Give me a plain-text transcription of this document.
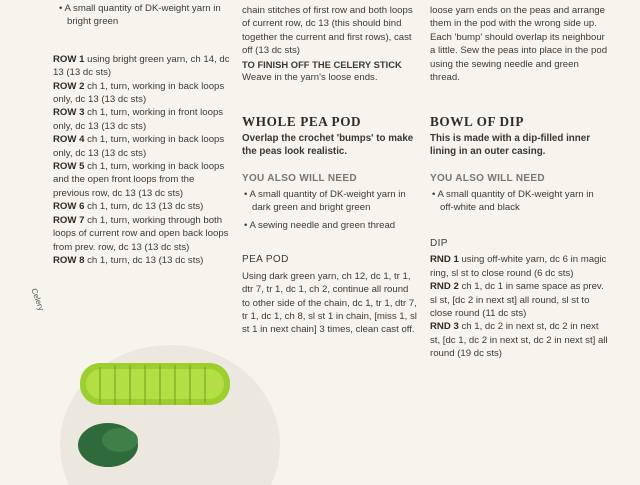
• A small quantity of DK-weight yarn in bright green

ROW 1 using bright green yarn, ch 14, dc 13 (13 dc sts)

ROW 2 ch 1, turn, working in back loops only, dc 13 (13 dc sts)

ROW 3 ch 1, turn, working in front loops only, dc 13 (13 dc sts)

ROW 4 ch 1, turn, working in back loops only, dc 13 (13 dc sts)

ROW 5 ch 1, turn, working in back loops and the open front loops from the previous row, dc 13 (13 dc sts)

ROW 6 ch 1, turn, dc 13 (13 dc sts)

ROW 7 ch 1, turn, working through both loops of current row and open back loops from prev. row, dc 13 (13 dc sts)

ROW 8 ch 1, turn, dc 13 (13 dc sts)

Celery

chain stitches of first row and both loops of current row, dc 13 (this should bind together the current and first rows), cast off (13 dc sts)

TO FINISH OFF THE CELERY STICK

Weave in the yarn's loose ends.

WHOLE PEA POD

Overlap the crochet 'bumps' to make the peas look realistic.

YOU ALSO WILL NEED

• A small quantity of DK-weight yarn in dark green and bright green

• A sewing needle and green thread

PEA POD

Using dark green yarn, ch 12, dc 1, tr 1, dtr 7, tr 1, dc 1, ch 2, continue all round to other side of the chain, dc 1, tr 1, dtr 7, tr 1, dc 1, ch 8, sl st 1 in chain, [miss 1, sl st 1 in next chain] 3 times, clean cast off.

loose yarn ends on the peas and arrange them in the pod with the wrong side up. Each 'bump' should overlap its neighbour a little. Sew the peas into place in the pod using the sewing needle and green thread.

BOWL OF DIP

This is made with a dip-filled inner lining in an outer casing.

YOU ALSO WILL NEED

• A small quantity of DK-weight yarn in off-white and black

DIP

RND 1 using off-white yarn, dc 6 in magic ring, sl st to close round (6 dc sts)

RND 2 ch 1, dc 1 in same space as prev. sl st, [dc 2 in next st] all round, sl st to close round (11 dc sts)

RND 3 ch 1, dc 2 in next st, dc 2 in next st, [dc 1, dc 2 in next st, dc 2 in next st] all round (19 dc sts)
